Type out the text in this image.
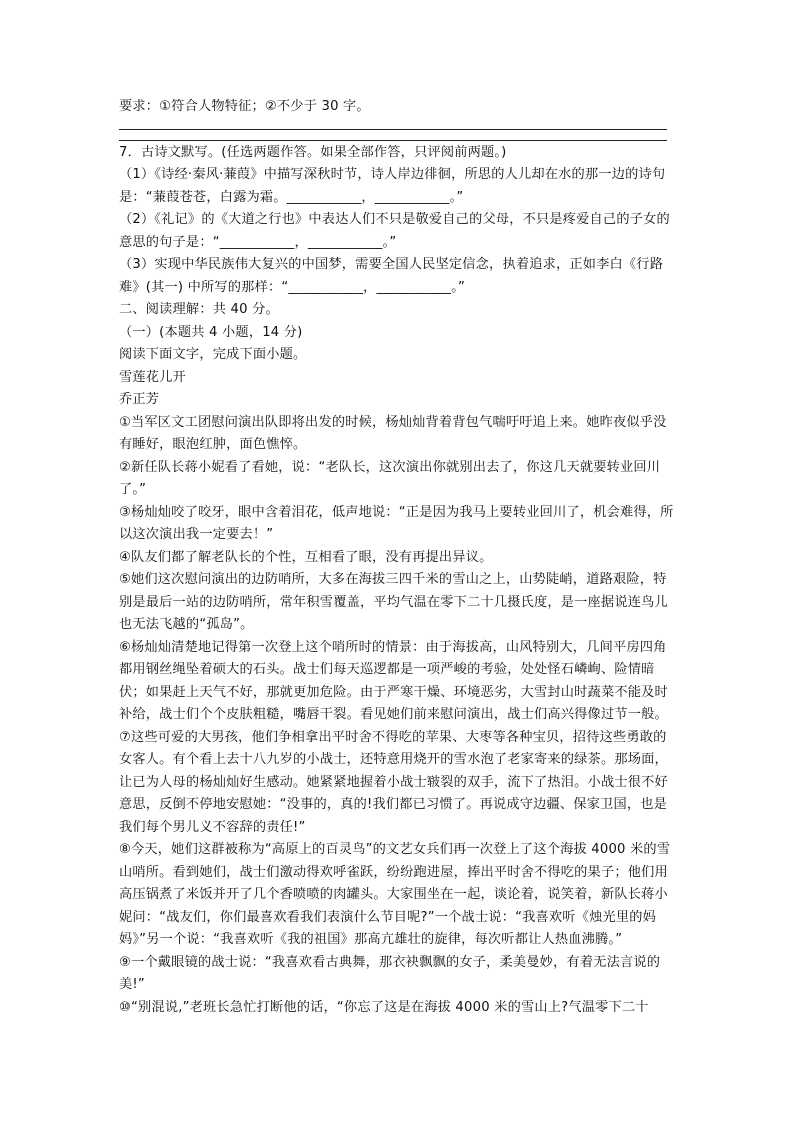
要求：①符合人物特征；②不少于 30 字。

7．古诗文默写。(任选两题作答。如果全部作答，只评阅前两题。)

（1）《诗经·秦风·蒹葭》中描写深秋时节，诗人岸边徘徊，所思的人儿却在水的那一边的诗句是：“蒹葭苍苍，白露为霜。___________，___________。”

（2）《礼记》的《大道之行也》中表达人们不只是敬爱自己的父母，不只是疼爱自己的子女的意思的句子是：“___________，___________。”

（3）实现中华民族伟大复兴的中国梦，需要全国人民坚定信念，执着追求，正如李白《行路难》(其一) 中所写的那样：“___________，___________。”

二、阅读理解：共 40 分。

（一）(本题共 4 小题，14 分)

阅读下面文字，完成下面小题。

雪莲花儿开

乔正芳

①当军区文工团慰问演出队即将出发的时候，杨灿灿背着背包气喘吁吁追上来。她昨夜似乎没有睡好，眼泡红肿，面色憔悴。

②新任队长蒋小妮看了看她，说：“老队长，这次演出你就别出去了，你这几天就要转业回川了。”

③杨灿灿咬了咬牙，眼中含着泪花，低声地说：“正是因为我马上要转业回川了，机会难得，所以这次演出我一定要去！”

④队友们都了解老队长的个性，互相看了眼，没有再提出异议。

⑤她们这次慰问演出的边防哨所，大多在海拔三四千米的雪山之上，山势陡峭，道路艰险，特别是最后一站的边防哨所，常年积雪覆盖，平均气温在零下二十几摄氏度，是一座据说连鸟儿也无法飞越的“孤岛”。

⑥杨灿灿清楚地记得第一次登上这个哨所时的情景：由于海拔高，山风特别大，几间平房四角都用钢丝绳坠着硕大的石头。战士们每天巡逻都是一项严峻的考验，处处怪石嶙峋、险情暗伏；如果赶上天气不好，那就更加危险。由于严寒干燥、环境恶劣，大雪封山时蔬菜不能及时补给，战士们个个皮肤粗糙，嘴唇干裂。看见她们前来慰问演出，战士们高兴得像过节一般。

⑦这些可爱的大男孩，他们争相拿出平时舍不得吃的苹果、大枣等各种宝贝，招待这些勇敢的女客人。有个看上去十八九岁的小战士，还特意用烧开的雪水泡了老家寄来的绿茶。那场面，让已为人母的杨灿灿好生感动。她紧紧地握着小战士皲裂的双手，流下了热泪。小战士很不好意思，反倒不停地安慰她：“没事的，真的!我们都已习惯了。再说成守边疆、保家卫国，也是我们每个男儿义不容辞的责任!”

⑧今天，她们这群被称为“高原上的百灵鸟”的文艺女兵们再一次登上了这个海拔 4000 米的雪山哨所。看到她们，战士们激动得欢呼雀跃，纷纷跑进屋，捧出平时舍不得吃的果子；他们用高压锅煮了米饭并开了几个香喷喷的肉罐头。大家围坐在一起，谈论着，说笑着，新队长蒋小妮问：“战友们，你们最喜欢看我们表演什么节目呢?”一个战士说：“我喜欢听《烛光里的妈妈》”另一个说：“我喜欢听《我的祖国》那高亢雄壮的旋律，每次听都让人热血沸腾。”

⑨一个戴眼镜的战士说：“我喜欢看古典舞，那衣袂飘飘的女子，柔美曼妙，有着无法言说的美!”

⑩“别混说,”老班长急忙打断他的话，“你忘了这是在海拔 4000 米的雪山上?气温零下二十
